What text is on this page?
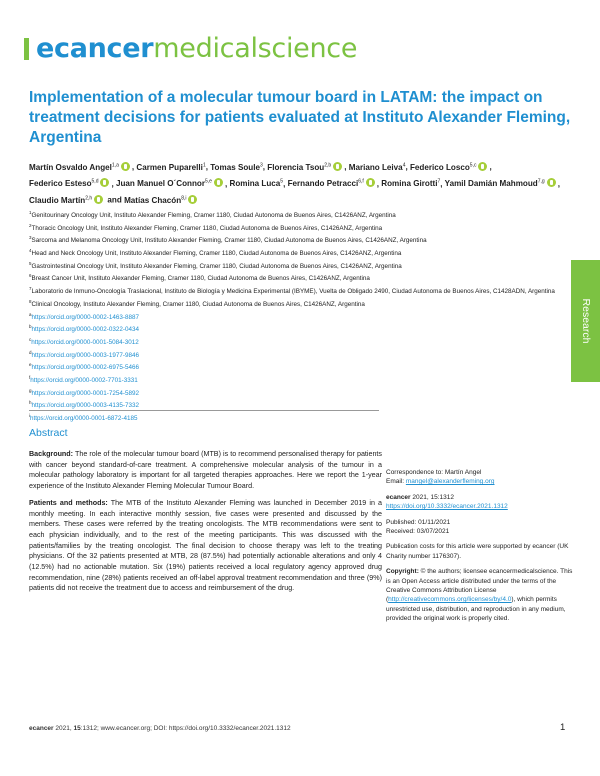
ecancer medicalscience
Research
Implementation of a molecular tumour board in LATAM: the impact on treatment decisions for patients evaluated at Instituto Alexander Fleming, Argentina
Martín Osvaldo Angel$^{1,a}$ , Carmen Puparelli$^1$, Tomas Soule$^3$, Florencia Tsou$^{2,b}$ , Mariano Leiva$^4$, Federico Losco$^{5,c}$ , Federico Esteso$^{5,d}$ , Juan Manuel O´Connor$^{5,e}$ , Romina Luca$^5$, Fernando Petracci$^{6,f}$ , Romina Girotti$^7$, Yamil Damián Mahmoud$^{7,g}$ , Claudio Martín$^{2,h}$ and Matías Chacón$^{8,i}$
$^1$Genitourinary Oncology Unit, Instituto Alexander Fleming, Cramer 1180, Ciudad Autonoma de Buenos Aires, C1426ANZ, Argentina
$^2$Thoracic Oncology Unit, Instituto Alexander Fleming, Cramer 1180, Ciudad Autonoma de Buenos Aires, C1426ANZ, Argentina
$^3$Sarcoma and Melanoma Oncology Unit, Instituto Alexander Fleming, Cramer 1180, Ciudad Autonoma de Buenos Aires, C1426ANZ, Argentina
$^4$Head and Neck Oncology Unit, Instituto Alexander Fleming, Cramer 1180, Ciudad Autonoma de Buenos Aires, C1426ANZ, Argentina
$^5$Gastrointestinal Oncology Unit, Instituto Alexander Fleming, Cramer 1180, Ciudad Autonoma de Buenos Aires, C1426ANZ, Argentina
$^6$Breast Cancer Unit, Instituto Alexander Fleming, Cramer 1180, Ciudad Autonoma de Buenos Aires, C1426ANZ, Argentina
$^7$Laboratorio de Inmuno-Oncología Traslacional, Instituto de Biología y Medicina Experimental (IBYME), Vuelta de Obligado 2490, Ciudad Autonoma de Buenos Aires, C1428ADN, Argentina
$^8$Clinical Oncology, Instituto Alexander Fleming, Cramer 1180, Ciudad Autonoma de Buenos Aires, C1426ANZ, Argentina
$^a$https://orcid.org/0000-0002-1463-8887
$^b$https://orcid.org/0000-0002-0322-0434
$^c$https://orcid.org/0000-0001-5084-3012
$^d$https://orcid.org/0000-0003-1977-9846
$^e$https://orcid.org/0000-0002-6975-5466
$^f$https://orcid.org/0000-0002-7701-3331
$^g$https://orcid.org/0000-0001-7254-5892
$^h$https://orcid.org/0000-0003-4135-7332
$^i$https://orcid.org/0000-0001-6872-4185
Abstract

Background: The role of the molecular tumour board (MTB) is to recommend personalised therapy for patients with cancer beyond standard-of-care treatment. A comprehensive molecular analysis of the tumour in a molecular pathology laboratory is important for all targeted therapies approaches. Here we report the 1-year experience of the Instituto Alexander Fleming Molecular Tumour Board.

Patients and methods: The MTB of the Instituto Alexander Fleming was launched in December 2019 in a monthly meeting. In each interactive monthly session, five cases were presented and discussed by the members. These cases were referred by the treating oncologists. The MTB recommendations were sent to each physician individually, and to the rest of the meeting participants. This was discussed with the patients/families by the treating oncologist. The final decision to choose therapy was left to the treating physicians. Of the 32 patients presented at MTB, 28 (87.5%) had potentially actionable alterations and only 4 (12.5%) had no actionable mutation. Six (19%) patients received a local regulatory agency approved drug recommendation, nine (28%) patients received an off-label approval treatment recommendation and three (9%) patients did not receive the treatment due to access and reimbursement of the drug.

Correspondence to: Martín Angel
Email: mangel@alexanderfleming.org

ecancer 2021, 15:1312
https://doi.org/10.3332/ecancer.2021.1312

Published: 01/11/2021
Received: 03/07/2021

Publication costs for this article were supported by ecancer (UK Charity number 1176307).

Copyright: © the authors; licensee ecancermedicalscience. This is an Open Access article distributed under the terms of the Creative Commons Attribution License (http://creativecommons.org/licenses/by/4.0), which permits unrestricted use, distribution, and reproduction in any medium, provided the original work is properly cited.

ecancer 2021, 15:1312; www.ecancer.org; DOI: https://doi.org/10.3332/ecancer.2021.1312	1
